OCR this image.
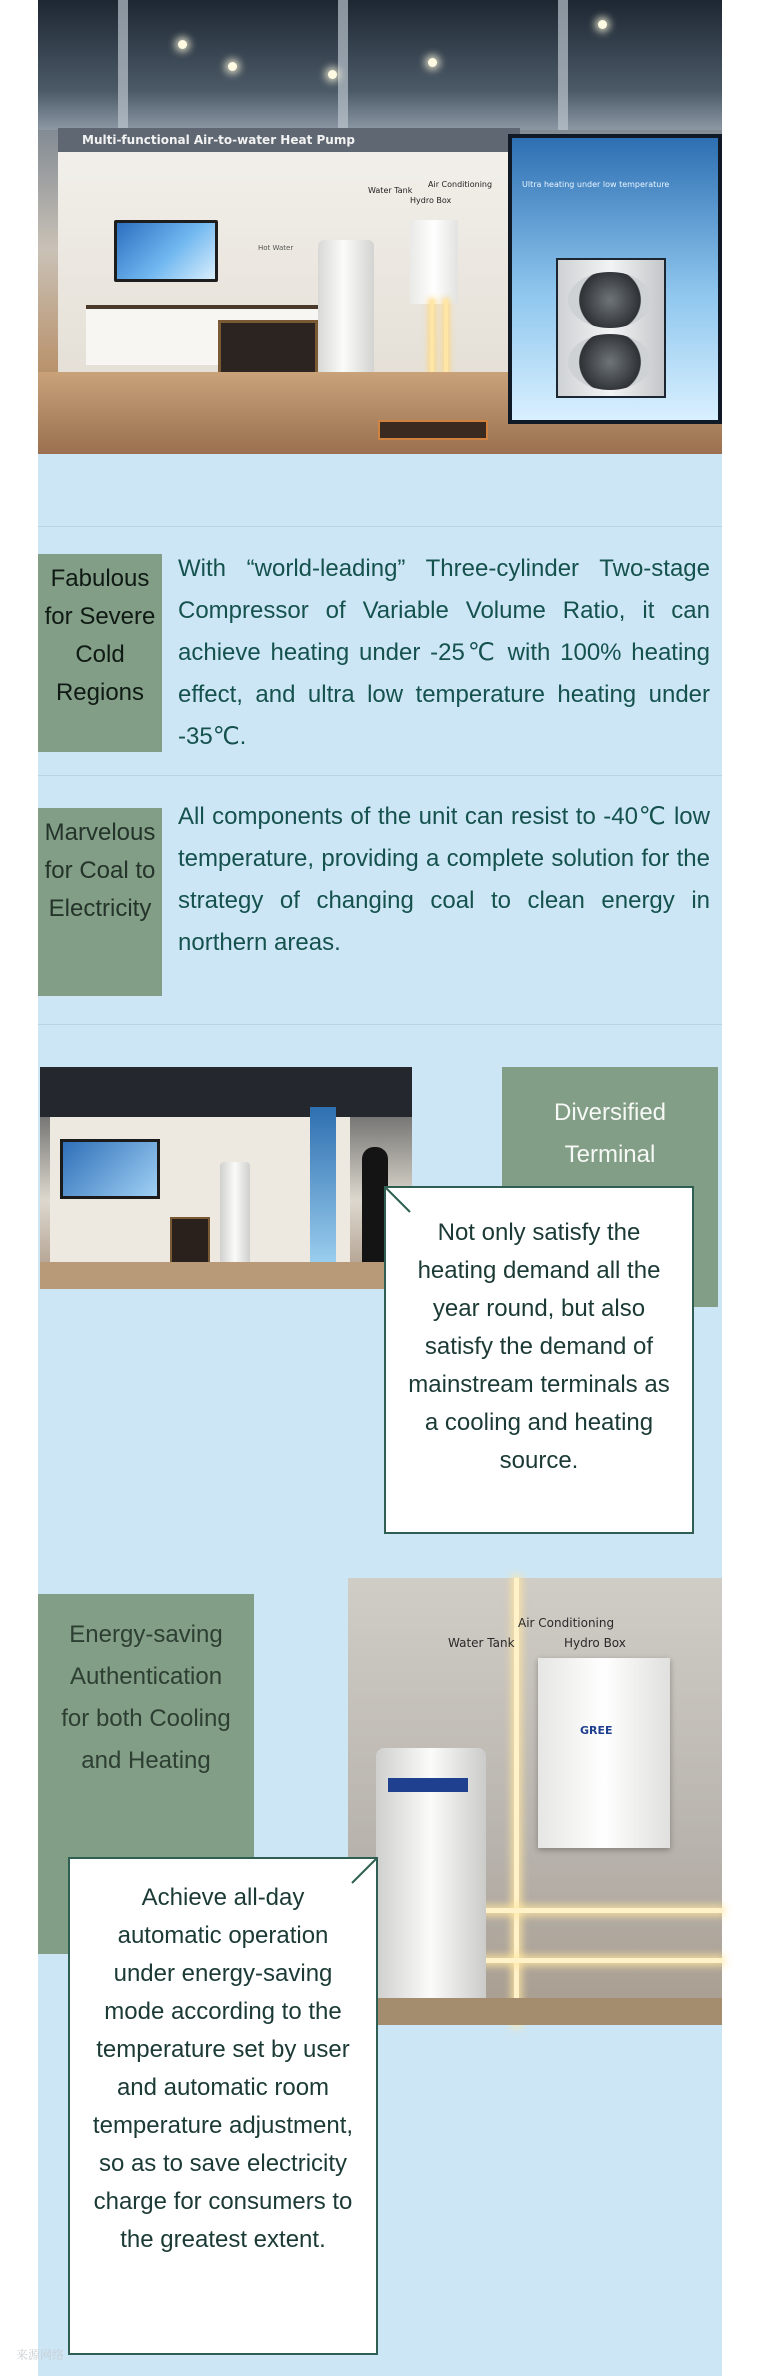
Multi-functional Air-to-water Heat Pump
Water Tank
Air Conditioning
Hydro Box
Hot Water
Ultra heating under low temperature
Fabulous for Severe Cold Regions
With “world-leading” Three-cylinder Two-stage Compressor of Variable Volume Ratio, it can achieve heating under -25℃ with 100% heating effect, and ultra low temperature heating under -35℃.
Marvelous for Coal to Electricity
All components of the unit can resist to -40℃ low temperature, providing a complete solution for the strategy of changing coal to clean energy in northern areas.
Diversified Terminal
Not only satisfy the heating demand all the year round, but also satisfy the demand of mainstream terminals as a cooling and heating source.
Energy-saving Authentication for both Cooling and Heating
Water Tank
Air Conditioning
Hydro Box
GREE
Achieve all-day automatic operation under energy-saving mode according to the temperature set by user and automatic room temperature adjustment, so as to save electricity charge for consumers to the greatest extent.
来源网络
